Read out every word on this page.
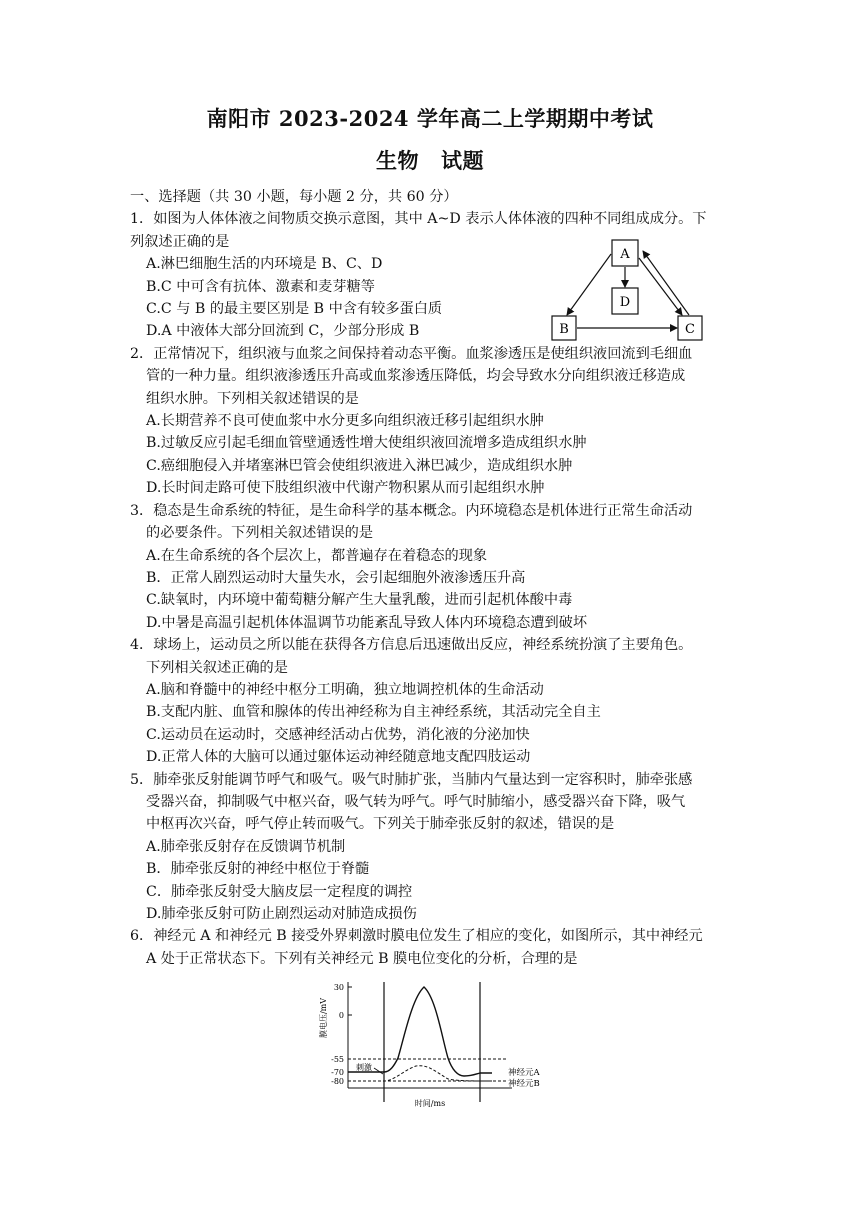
南阳市 2023-2024 学年高二上学期期中考试
生物 试题
一、选择题（共 30 小题，每小题 2 分，共 60 分）
1．如图为人体体液之间物质交换示意图，其中 A~D 表示人体体液的四种不同组成成分。下
列叙述正确的是
A.淋巴细胞生活的内环境是 B、C、D
B.C 中可含有抗体、激素和麦芽糖等
C.C 与 B 的最主要区别是 B 中含有较多蛋白质
D.A 中液体大部分回流到 C，少部分形成 B
2．正常情况下，组织液与血浆之间保持着动态平衡。血浆渗透压是使组织液回流到毛细血
管的一种力量。组织液渗透压升高或血浆渗透压降低，均会导致水分向组织液迁移造成
组织水肿。下列相关叙述错误的是
A.长期营养不良可使血浆中水分更多向组织液迁移引起组织水肿
B.过敏反应引起毛细血管壁通透性增大使组织液回流增多造成组织水肿
C.癌细胞侵入并堵塞淋巴管会使组织液进入淋巴减少，造成组织水肿
D.长时间走路可使下肢组织液中代谢产物积累从而引起组织水肿
3．稳态是生命系统的特征，是生命科学的基本概念。内环境稳态是机体进行正常生命活动
的必要条件。下列相关叙述错误的是
A.在生命系统的各个层次上，都普遍存在着稳态的现象
B．正常人剧烈运动时大量失水，会引起细胞外液渗透压升高
C.缺氧时，内环境中葡萄糖分解产生大量乳酸，进而引起机体酸中毒
D.中暑是高温引起机体体温调节功能紊乱导致人体内环境稳态遭到破坏
4．球场上，运动员之所以能在获得各方信息后迅速做出反应，神经系统扮演了主要角色。
下列相关叙述正确的是
A.脑和脊髓中的神经中枢分工明确，独立地调控机体的生命活动
B.支配内脏、血管和腺体的传出神经称为自主神经系统，其活动完全自主
C.运动员在运动时，交感神经活动占优势，消化液的分泌加快
D.正常人体的大脑可以通过躯体运动神经随意地支配四肢运动
5．肺牵张反射能调节呼气和吸气。吸气时肺扩张，当肺内气量达到一定容积时，肺牵张感
受器兴奋，抑制吸气中枢兴奋，吸气转为呼气。呼气时肺缩小，感受器兴奋下降，吸气
中枢再次兴奋，呼气停止转而吸气。下列关于肺牵张反射的叙述，错误的是
A.肺牵张反射存在反馈调节机制
B．肺牵张反射的神经中枢位于脊髓
C．肺牵张反射受大脑皮层一定程度的调控
D.肺牵张反射可防止剧烈运动对肺造成损伤
6．神经元 A 和神经元 B 接受外界刺激时膜电位发生了相应的变化，如图所示，其中神经元
A 处于正常状态下。下列有关神经元 B 膜电位变化的分析，合理的是
A
D
B	C
膜电压/mV
30
0
-55
-70
-80
刺激
神经元A
神经元B
时间/ms
